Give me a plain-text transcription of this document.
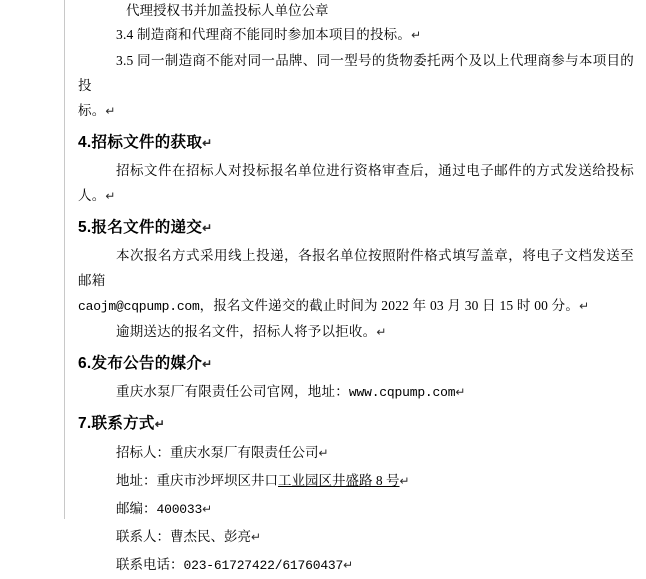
代理授权书并加盖投标人单位公章

3.4 制造商和代理商不能同时参加本项目的投标。↵

3.5 同一制造商不能对同一品牌、同一型号的货物委托两个及以上代理商参与本项目的投

标。↵

4.招标文件的获取↵

招标文件在招标人对投标报名单位进行资格审查后，通过电子邮件的方式发送给投标人。↵

5.报名文件的递交↵

本次报名方式采用线上投递，各报名单位按照附件格式填写盖章，将电子文档发送至邮箱

caojm@cqpump.com，报名文件递交的截止时间为 2022 年 03 月 30 日 15 时 00 分。↵

逾期送达的报名文件，招标人将予以拒收。↵

6.发布公告的媒介↵

重庆水泵厂有限责任公司官网，地址：www.cqpump.com↵

7.联系方式↵
招标人：重庆水泵厂有限责任公司↵
地址：重庆市沙坪坝区井口工业园区井盛路 8 号↵
邮编：400033↵
联系人：曹杰民、彭亮↵
联系电话：023-61727422/61760437↵
